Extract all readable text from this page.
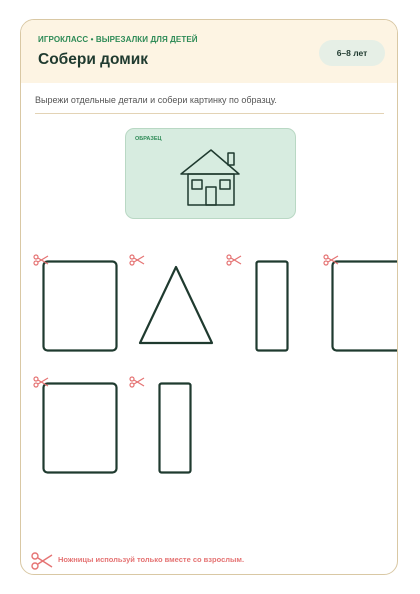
ИГРОКЛАСС • ВЫРЕЗАЛКИ ДЛЯ ДЕТЕЙ
Собери домик	6–8 лет
Вырежи отдельные детали и собери картинку по образцу.
ОБРАЗЕЦ
Ножницы используй только вместе со взрослым.
